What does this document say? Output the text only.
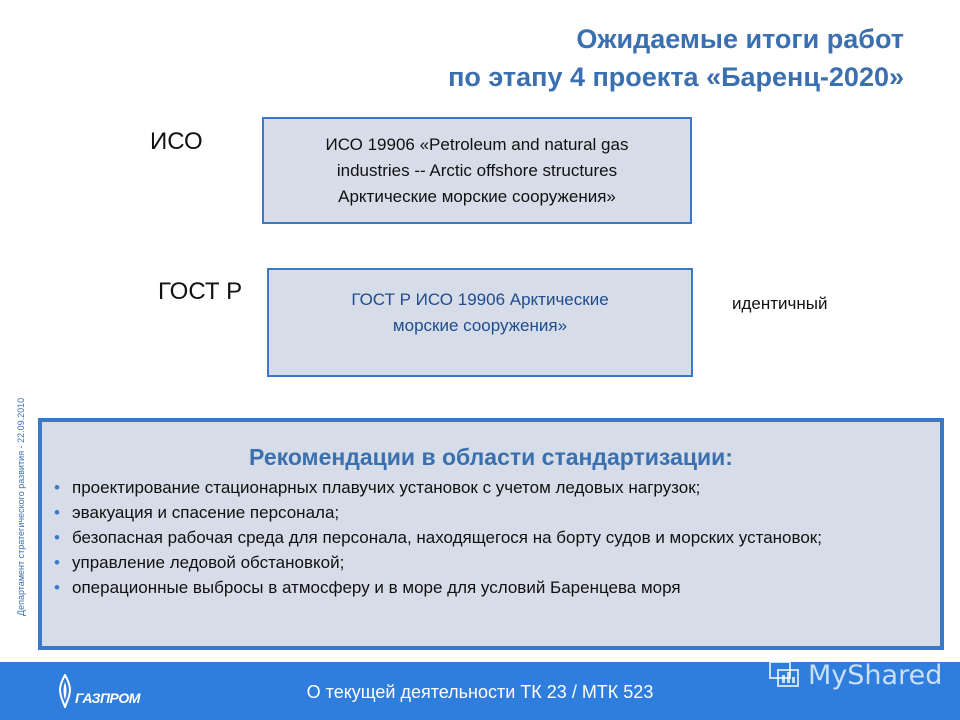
Ожидаемые итоги работ
по этапу 4 проекта «Баренц-2020»
Департамент стратегического развития - 22.09.2010
ИСО	ИСО 19906 «Petroleum and natural gas
industries -- Arctic offshore structures
Арктические морские сооружения»
ГОСТ Р	ГОСТ Р ИСО 19906 Арктические
морские сооружения»
идентичный
Рекомендации в области стандартизации:
• проектирование стационарных плавучих установок с учетом ледовых нагрузок;
• эвакуация и спасение персонала;
• безопасная рабочая среда для персонала, находящегося на борту судов и морских установок;
• управление ледовой обстановкой;
• операционные выбросы в атмосферу и в море для условий Баренцева моря
ГАЗПРОМ	О текущей деятельности ТК 23 / МТК 523
MyShared
